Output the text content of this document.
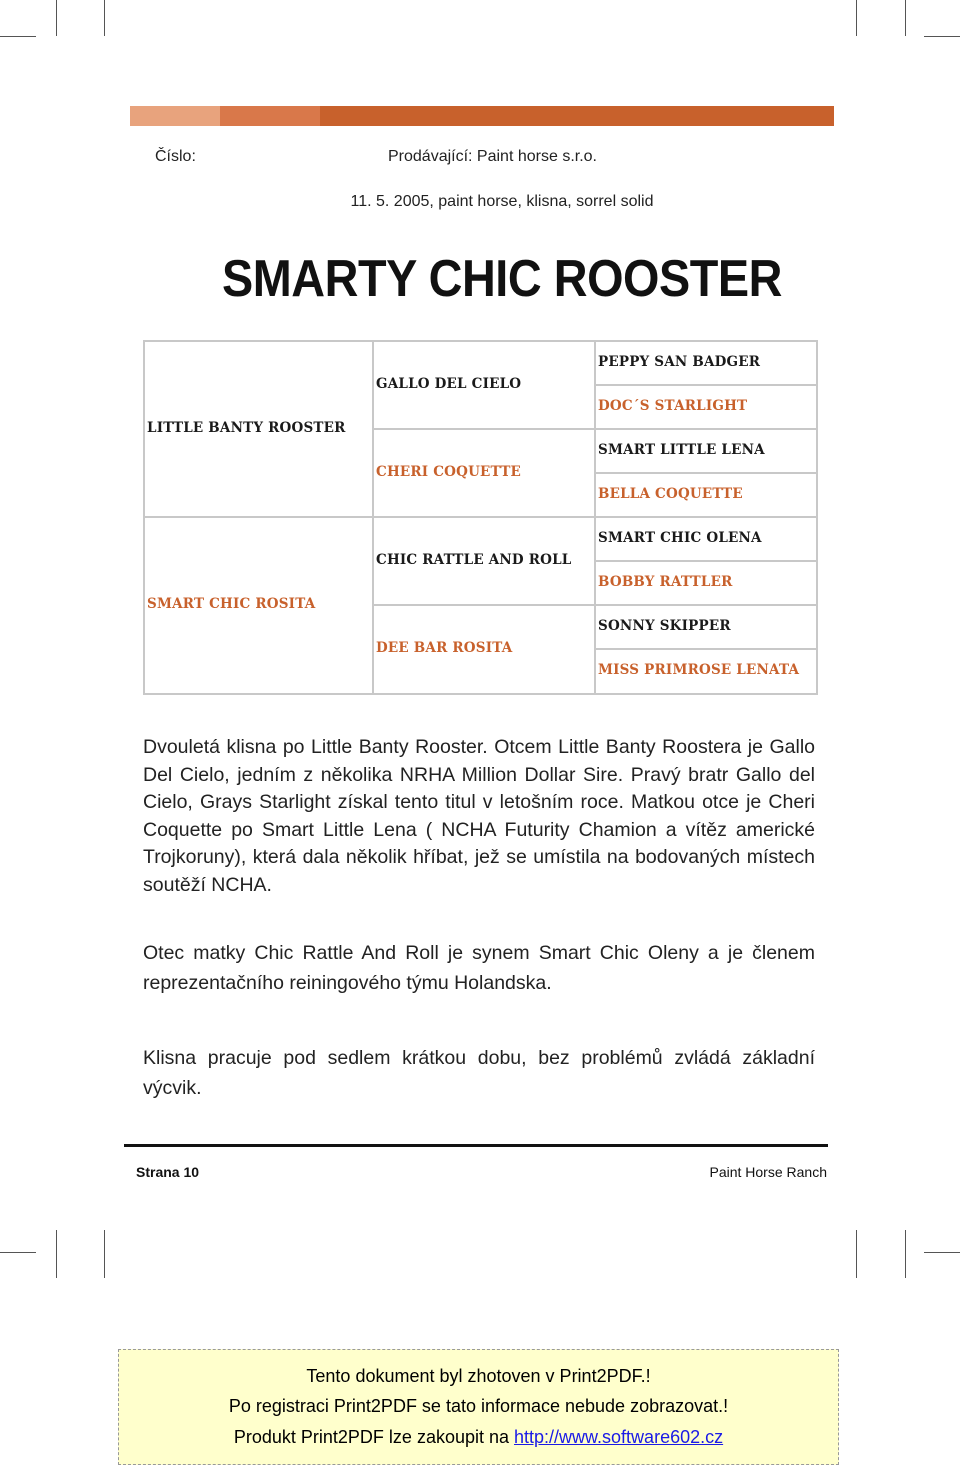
Číslo:	Prodávající: Paint horse s.r.o.
11. 5. 2005, paint horse, klisna, sorrel solid
SMARTY CHIC ROOSTER
LITTLE BANTY ROOSTER
SMART CHIC ROSITA
GALLO DEL CIELO
CHERI COQUETTE
CHIC RATTLE AND ROLL
DEE BAR ROSITA
PEPPY SAN BADGER
DOC´S STARLIGHT
SMART LITTLE LENA
BELLA COQUETTE
SMART CHIC OLENA
BOBBY RATTLER
SONNY SKIPPER
MISS PRIMROSE LENATA
Dvouletá klisna po Little Banty Rooster. Otcem Little Banty Roostera je Gallo Del Cielo, jedním z několika NRHA Million Dollar Sire. Pravý bratr Gallo del Cielo, Grays Starlight získal tento titul v letošním roce. Matkou otce je Cheri Coquette po Smart Little Lena ( NCHA Futurity Chamion a vítěz americké Trojkoruny), která dala několik hříbat, jež se umístila na bodovaných místech soutěží NCHA.
Otec matky Chic Rattle And Roll je synem Smart Chic Oleny a je členem reprezentačního reiningového týmu Holandska.
Klisna pracuje pod sedlem krátkou dobu, bez problémů zvládá základní výcvik.
Strana 10	Paint Horse Ranch
Tento dokument byl zhotoven v Print2PDF.!
Po registraci Print2PDF se tato informace nebude zobrazovat.!
Produkt Print2PDF lze zakoupit na http://www.software602.cz
